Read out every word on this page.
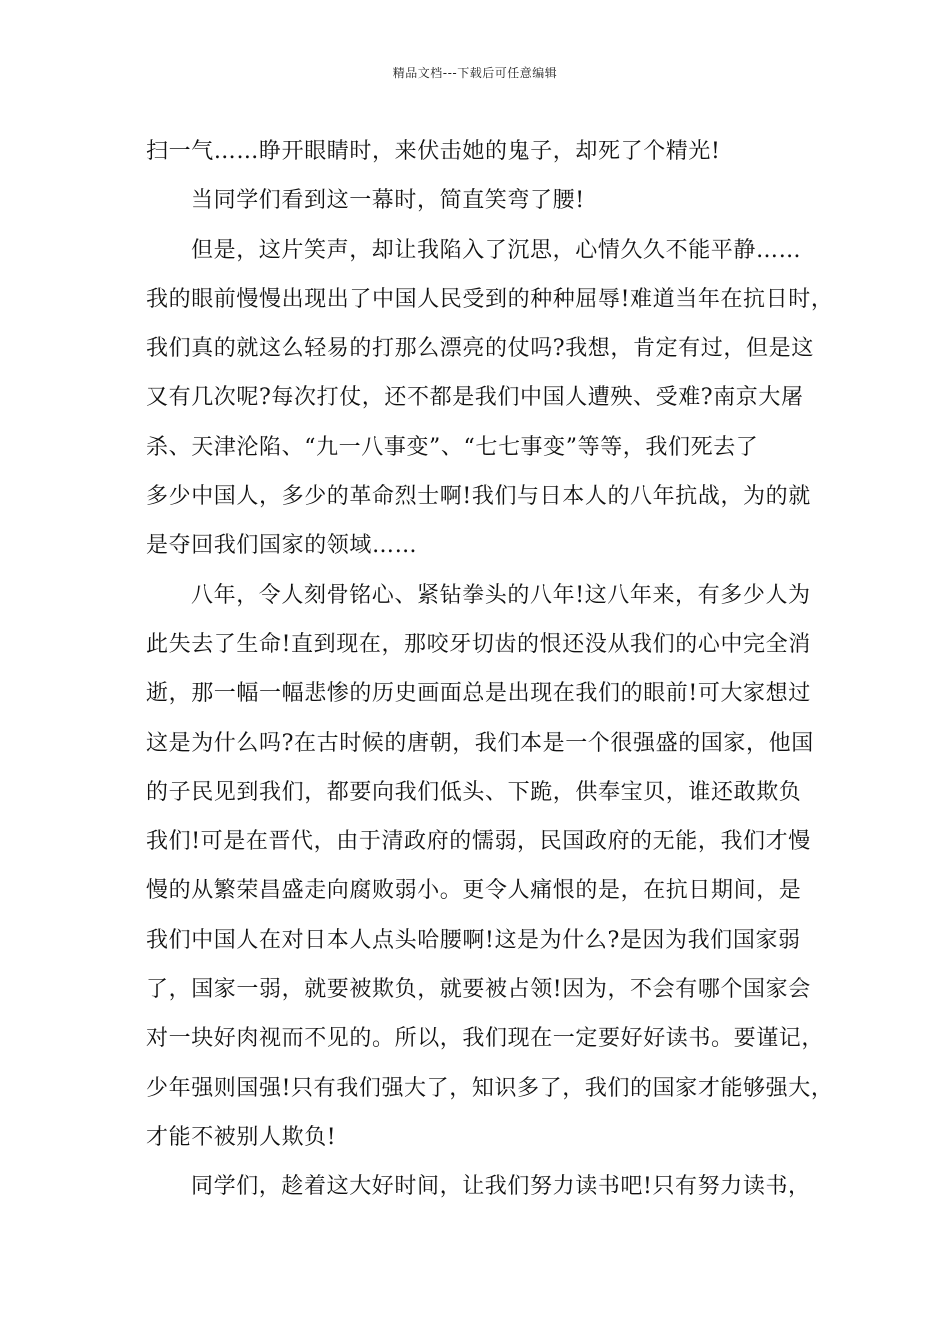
精品文档---下载后可任意编辑

扫一气……睁开眼睛时，来伏击她的鬼子，却死了个精光!

当同学们看到这一幕时，简直笑弯了腰!

但是，这片笑声，却让我陷入了沉思，心情久久不能平静……

我的眼前慢慢出现出了中国人民受到的种种屈辱!难道当年在抗日时，
我们真的就这么轻易的打那么漂亮的仗吗?我想，肯定有过，但是这
又有几次呢?每次打仗，还不都是我们中国人遭殃、受难?南京大屠
杀、天津沦陷、“九一八事变”、“七七事变”等等，我们死去了
多少中国人，多少的革命烈士啊!我们与日本人的八年抗战，为的就
是夺回我们国家的领域……

八年，令人刻骨铭心、紧钻拳头的八年!这八年来，有多少人为

此失去了生命!直到现在，那咬牙切齿的恨还没从我们的心中完全消
逝，那一幅一幅悲惨的历史画面总是出现在我们的眼前!可大家想过
这是为什么吗?在古时候的唐朝，我们本是一个很强盛的国家，他国
的子民见到我们，都要向我们低头、下跪，供奉宝贝，谁还敢欺负
我们!可是在晋代，由于清政府的懦弱，民国政府的无能，我们才慢
慢的从繁荣昌盛走向腐败弱小。更令人痛恨的是，在抗日期间，是
我们中国人在对日本人点头哈腰啊!这是为什么?是因为我们国家弱
了，国家一弱，就要被欺负，就要被占领!因为，不会有哪个国家会
对一块好肉视而不见的。所以，我们现在一定要好好读书。要谨记，
少年强则国强!只有我们强大了，知识多了，我们的国家才能够强大，
才能不被别人欺负!

同学们，趁着这大好时间，让我们努力读书吧!只有努力读书，
